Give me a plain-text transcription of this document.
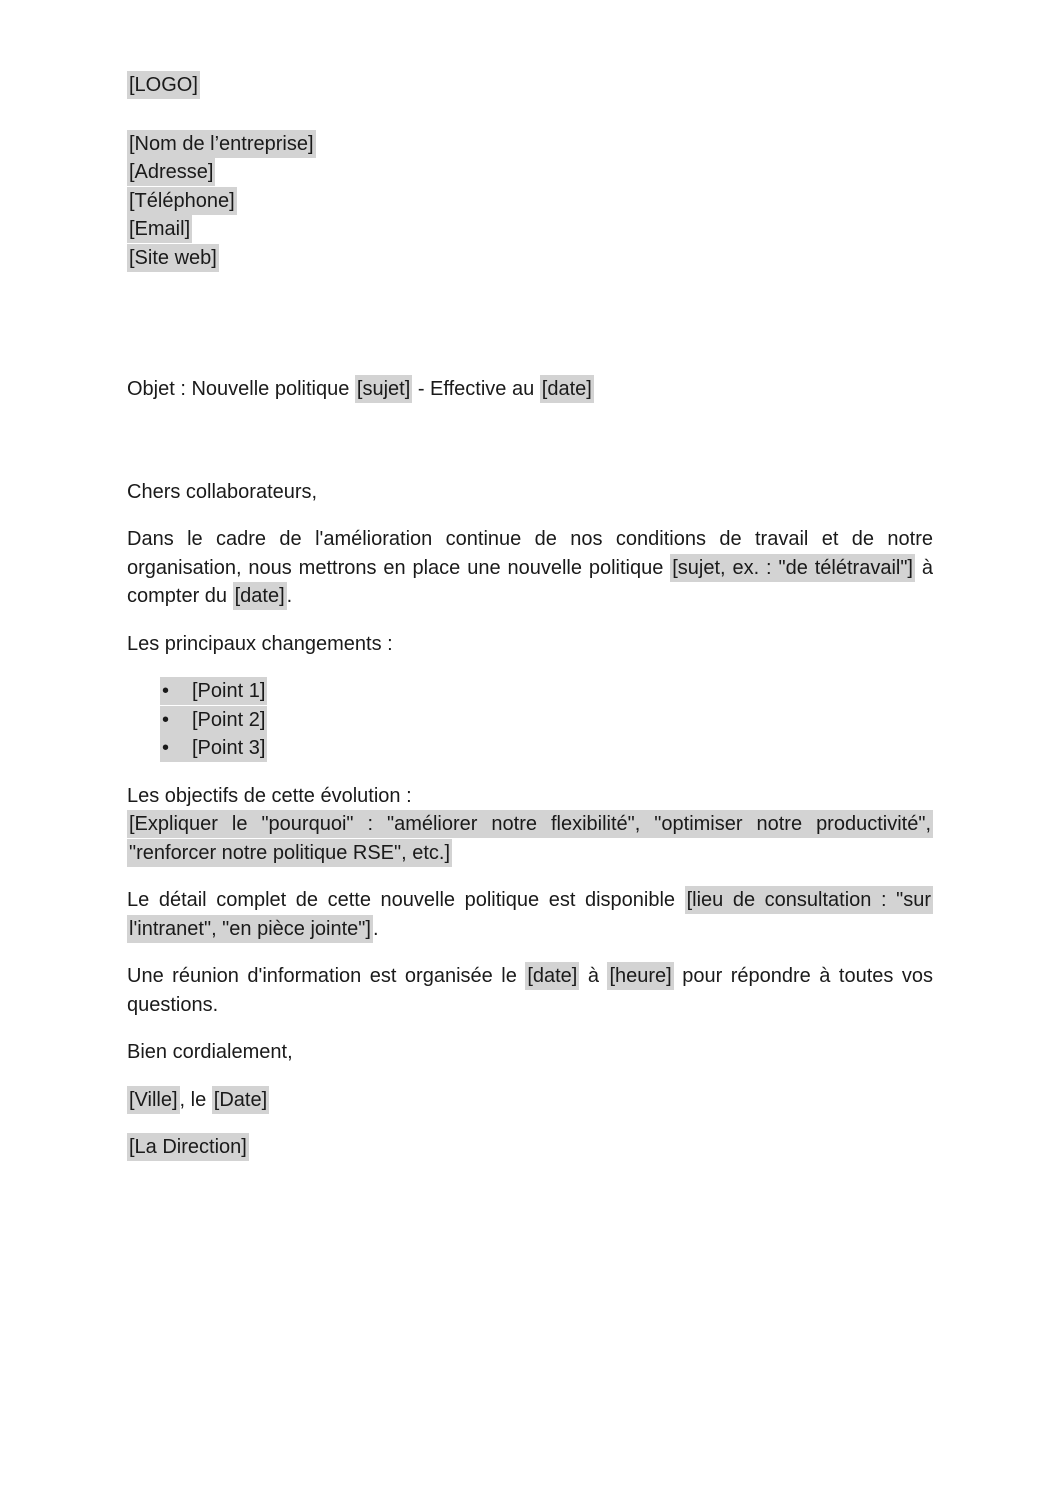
[LOGO]

[Nom de l’entreprise]
[Adresse]
[Téléphone]
[Email]
[Site web]

Objet : Nouvelle politique [sujet] - Effective au [date]

Chers collaborateurs,

Dans le cadre de l'amélioration continue de nos conditions de travail et de notre organisation, nous mettrons en place une nouvelle politique [sujet, ex. : "de télétravail"] à compter du [date] .

Les principaux changements :

• [Point 1]
• [Point 2]
• [Point 3]

Les objectifs de cette évolution :
[Expliquer le "pourquoi" : "améliorer notre flexibilité", "optimiser notre productivité", "renforcer notre politique RSE", etc.]

Le détail complet de cette nouvelle politique est disponible [lieu de consultation : "sur l'intranet", "en pièce jointe"] .

Une réunion d'information est organisée le [date] à [heure] pour répondre à toutes vos questions.

Bien cordialement,

[Ville] , le [Date]

[La Direction]
